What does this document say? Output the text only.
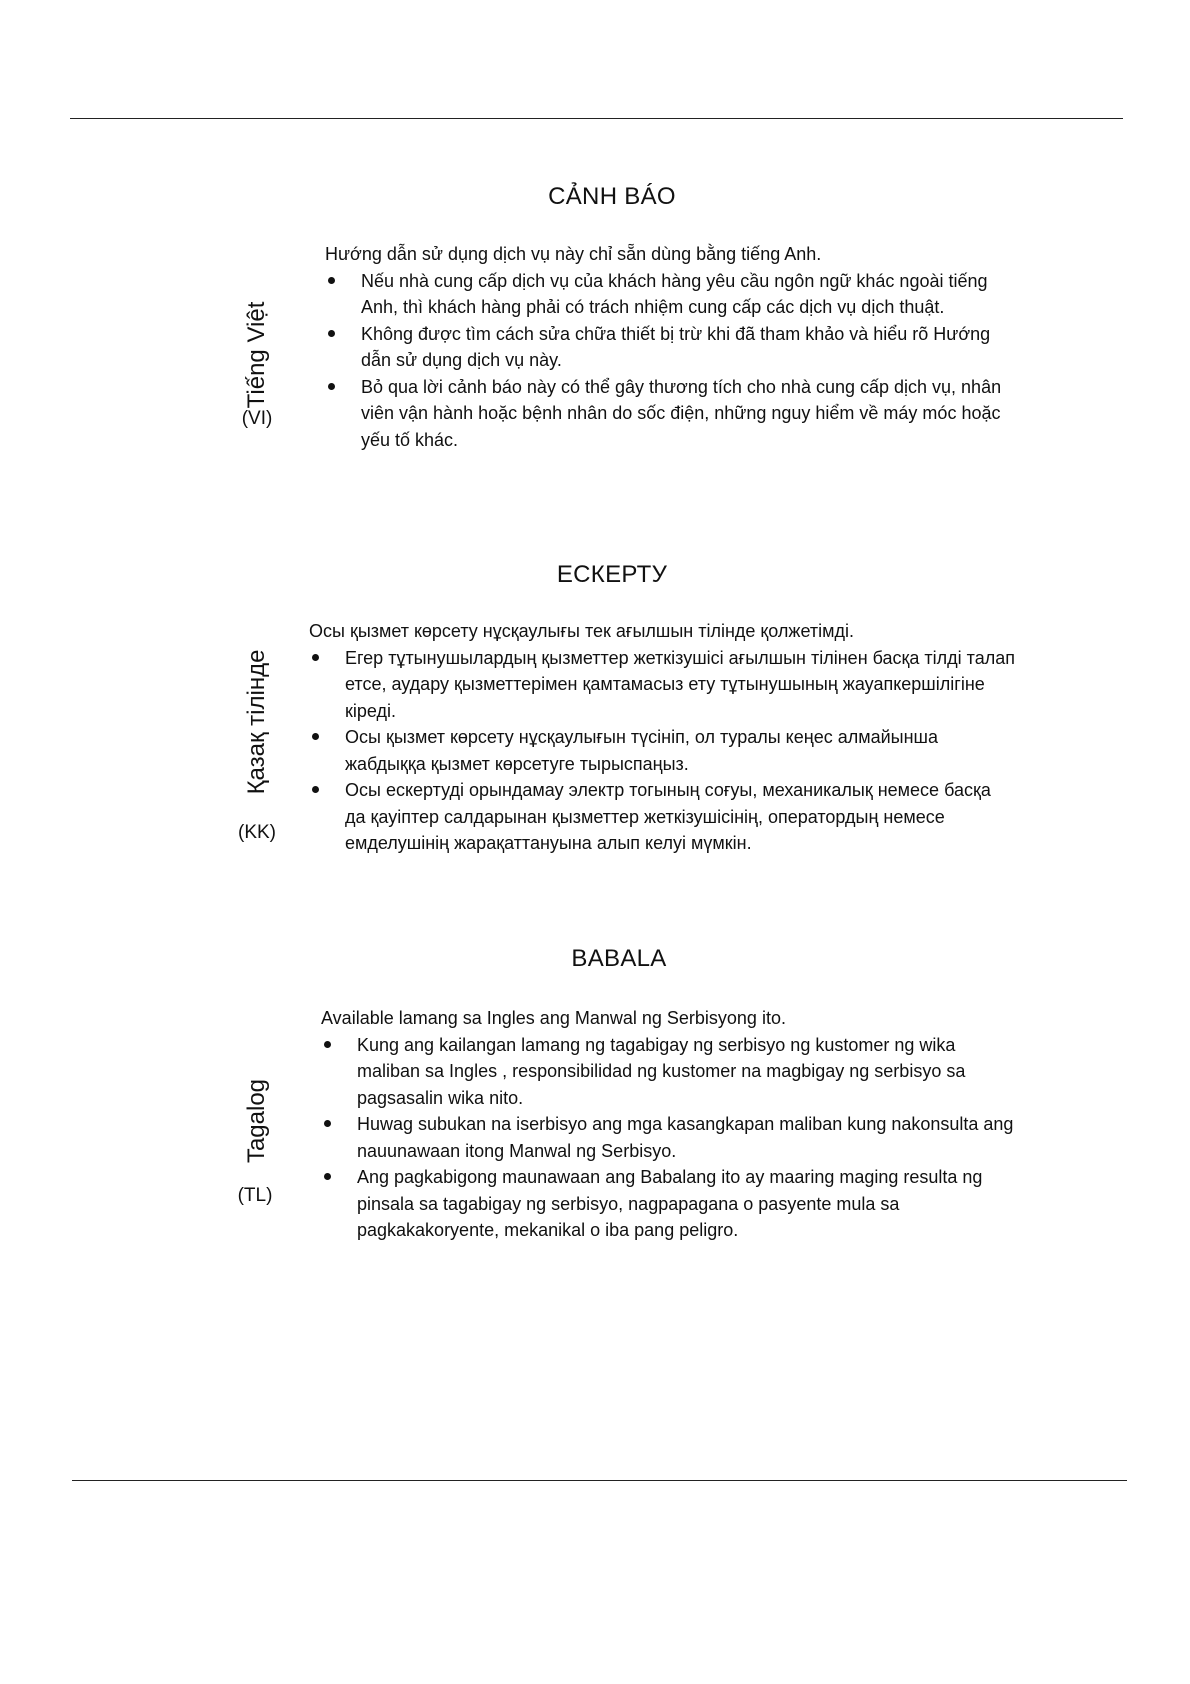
CẢNH BÁO
Tiếng Việt
(VI)

Hướng dẫn sử dụng dịch vụ này chỉ sẵn dùng bằng tiếng Anh.

Nếu nhà cung cấp dịch vụ của khách hàng yêu cầu ngôn ngữ khác ngoài tiếng Anh, thì khách hàng phải có trách nhiệm cung cấp các dịch vụ dịch thuật.
Không được tìm cách sửa chữa thiết bị trừ khi đã tham khảo và hiểu rõ Hướng dẫn sử dụng dịch vụ này.
Bỏ qua lời cảnh báo này có thể gây thương tích cho nhà cung cấp dịch vụ, nhân viên vận hành hoặc bệnh nhân do sốc điện, những nguy hiểm về máy móc hoặc yếu tố khác.
ЕСКЕРТУ
Қазақ тілінде
(KK)

Осы қызмет көрсету нұсқаулығы тек ағылшын тілінде қолжетімді.

Егер тұтынушылардың қызметтер жеткізушісі ағылшын тілінен басқа тілді талап етсе, аудару қызметтерімен қамтамасыз ету тұтынушының жауапкершілігіне кіреді.
Осы қызмет көрсету нұсқаулығын түсініп, ол туралы кеңес алмайынша жабдыққа қызмет көрсетуге тырыспаңыз.
Осы ескертуді орындамау электр тогының соғуы, механикалық немесе басқа да қауіптер салдарынан қызметтер жеткізушісінің, оператордың немесе емделушінің жарақаттануына алып келуі мүмкін.
BABALA
Tagalog
(TL)

Available lamang sa Ingles ang Manwal ng Serbisyong ito.

Kung ang kailangan lamang ng tagabigay ng serbisyo ng kustomer ng wika maliban sa Ingles , responsibilidad ng kustomer na magbigay ng serbisyo sa pagsasalin wika nito.
Huwag subukan na iserbisyo ang mga kasangkapan maliban kung nakonsulta ang nauunawaan itong Manwal ng Serbisyo.
Ang pagkabigong maunawaan ang Babalang ito ay maaring maging resulta ng pinsala sa tagabigay ng serbisyo, nagpapagana o pasyente mula sa pagkakakoryente, mekanikal o iba pang peligro.
